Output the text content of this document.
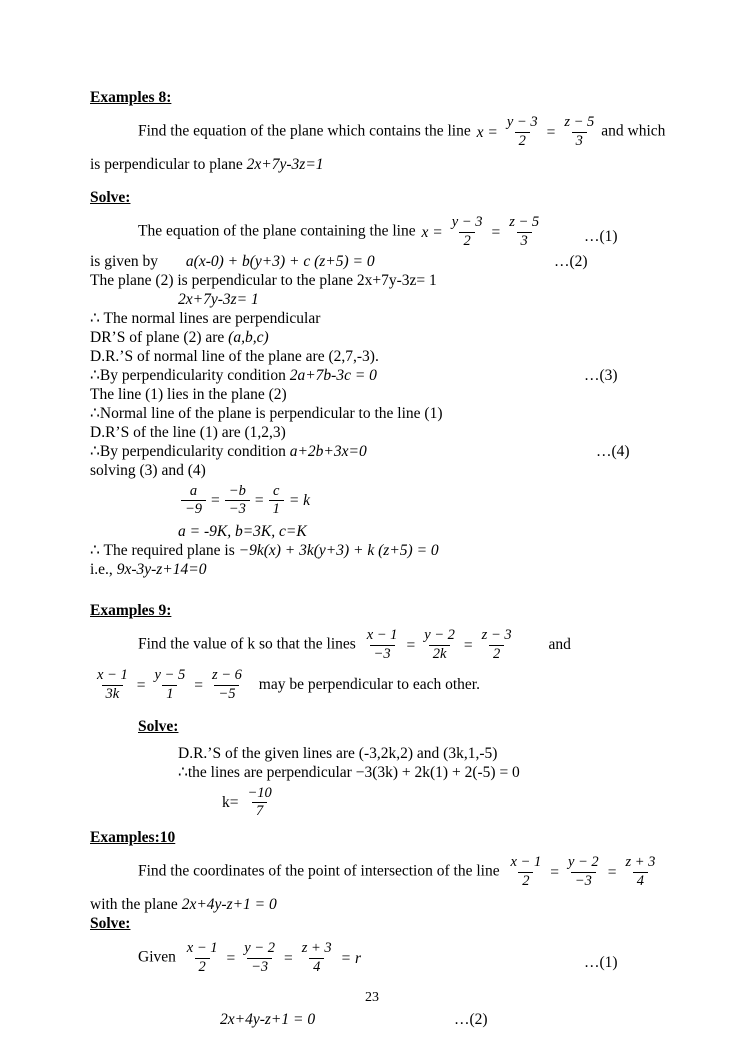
Examples 8:
Find the equation of the plane which contains the line $x = \frac{y - 3}{2} = \frac{z - 5}{3}$ and which
is perpendicular to plane 2x+7y-3z=1
Solve:
The equation of the plane containing the line $x = \frac{y - 3}{2} = \frac{z - 5}{3}$	…(1)
is given by a(x-0) + b(y+3) + c (z+5) = 0	…(2)
The plane (2) is perpendicular to the plane 2x+7y-3z= 1
2x+7y-3z= 1
∴ The normal lines are perpendicular
DR’S of plane (2) are (a,b,c)
D.R.’S of normal line of the plane are (2,7,-3).
∴By perpendicularity condition 2a+7b-3c = 0	…(3)
The line (1) lies in the plane (2)
∴Normal line of the plane is perpendicular to the line (1)
D.R’S of the line (1) are (1,2,3)
∴By perpendicularity condition a+2b+3x=0	…(4)
solving (3) and (4)
$\frac{a}{-9} = \frac{-b}{-3} = \frac{c}{1} = k$
a = -9K, b=3K, c=K
∴ The required plane is −9k(x) + 3k(y+3) + k (z+5) = 0
i.e., 9x-3y-z+14=0
Examples 9:
Find the value of k so that the lines $\frac{x - 1}{-3} = \frac{y - 2}{2k} = \frac{z - 3}{2}$ and
$\frac{x - 1}{3k} = \frac{y - 5}{1} = \frac{z - 6}{-5}$ may be perpendicular to each other.
Solve:
D.R.’S of the given lines are (-3,2k,2) and (3k,1,-5)
∴the lines are perpendicular −3(3k) + 2k(1) + 2(-5) = 0
$k= \frac{-10}{7}$
Examples:10
Find the coordinates of the point of intersection of the line $\frac{x - 1}{2} = \frac{y - 2}{-3} = \frac{z + 3}{4}$
with the plane 2x+4y-z+1 = 0
Solve:
Given $\frac{x - 1}{2} = \frac{y - 2}{-3} = \frac{z + 3}{4} = r$	…(1)
2x+4y-z+1 = 0	…(2)
23
